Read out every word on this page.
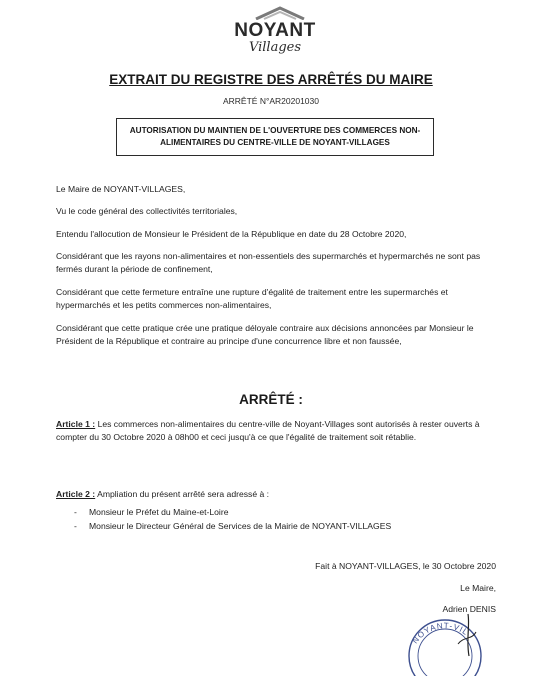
NOYANT
Villages
EXTRAIT DU REGISTRE DES ARRÊTÉS DU MAIRE
ARRÊTÉ N°AR20201030
AUTORISATION DU MAINTIEN DE L'OUVERTURE DES COMMERCES NON-ALIMENTAIRES DU CENTRE-VILLE DE NOYANT-VILLAGES
Le Maire de NOYANT-VILLAGES,
Vu le code général des collectivités territoriales,
Entendu l'allocution de Monsieur le Président de la République en date du 28 Octobre 2020,
Considérant que les rayons non-alimentaires et non-essentiels des supermarchés et hypermarchés ne sont pas fermés durant la période de confinement,
Considérant que cette fermeture entraîne une rupture d'égalité de traitement entre les supermarchés et hypermarchés et les petits commerces non-alimentaires,
Considérant que cette pratique crée une pratique déloyale contraire aux décisions annoncées par Monsieur le Président de la République et contraire au principe d'une concurrence libre et non faussée,
ARRÊTÉ :
Article 1 : Les commerces non-alimentaires du centre-ville de Noyant-Villages sont autorisés à rester ouverts à compter du 30 Octobre 2020 à 08h00 et ceci jusqu'à ce que l'égalité de traitement soit rétablie.
Article 2 : Ampliation du présent arrêté sera adressé à :
- Monsieur le Préfet du Maine-et-Loire
- Monsieur le Directeur Général de Services de la Mairie de NOYANT-VILLAGES
Fait à NOYANT-VILLAGES, le 30 Octobre 2020
Le Maire,
Adrien DENIS
NOYANT-VIL
